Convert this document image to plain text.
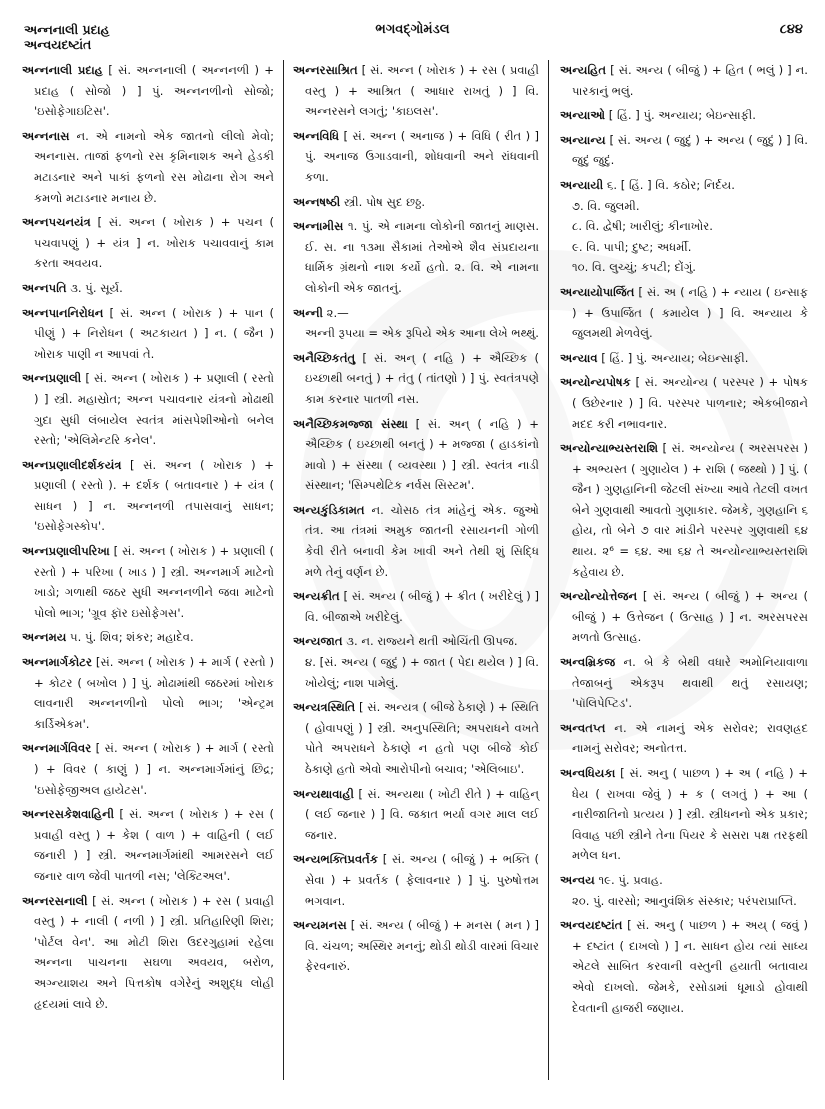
અન્નનાલી પ્રદાહ
અન્વયદષ્ટાંત
ભગવદ્ગોમંડલ	૮૪૪

અન્નનાલી પ્રદાહ [ સં. અન્નનાલી ( અન્નનળી ) + પ્રદાહ ( સોજો ) ] પું. અન્નનળીનો સોજો; 'ઇસોફેગાઇટિસ'.

અન્નનાસ ન. એ નામનો એક જાતનો લીલો મેવો; અનનાસ. તાજાં ફળનો રસ કૃમિનાશક અને હેડકી મટાડનાર અને પાકાં ફળનો રસ મોઢાના રોગ અને કમળો મટાડનાર મનાય છે.

અન્નપચનયંત્ર [ સં. અન્ન ( ખોરાક ) + પચન ( પચવાપણું ) + યંત્ર ] ન. ખોરાક પચાવવાનું કામ કરતા અવયવ.

અન્નપતિ ૩. પું. સૂર્ય.

અન્નપાનનિરોધન [ સં. અન્ન ( ખોરાક ) + પાન ( પીણું ) + નિરોધન ( અટકાયત ) ] ન. ( જૈન ) ખોરાક પાણી ન આપવાં તે.

અન્નપ્રણાલી [ સં. અન્ન ( ખોરાક ) + પ્રણાલી ( રસ્તો ) ] સ્ત્રી. મહાસ્રોત; અન્ન પચાવનાર યંત્રનો મોઢાથી ગુદા સુધી લંબાયેલ સ્વતંત્ર માંસપેશીઓનો બનેલ રસ્તો; 'એલિમેન્ટરિ કનેલ'.

અન્નપ્રણાલીદર્શકયંત્ર [ સં. અન્ન ( ખોરાક ) + પ્રણાલી ( રસ્તો ). + દર્શક ( બતાવનાર ) + યંત્ર ( સાધન ) ] ન. અન્નનળી તપાસવાનું સાધન; 'ઇસોફેગસ્કોપ'.

અન્નપ્રણાલીપરિખા [ સં. અન્ન ( ખોરાક ) + પ્રણાલી ( રસ્તો ) + પરિખા ( ખાડ ) ] સ્ત્રી. અન્નમાર્ગ માટેનો ખાડો; ગળાથી જઠર સુધી અન્નનળીને જવા માટેનો પોલો ભાગ; 'ગ્રૂવ ફૉર ઇસોફેગસ'.

અન્નમય ૫. પું. શિવ; શંકર; મહાદેવ.

અન્નમાર્ગકોટર [સં. અન્ન ( ખોરાક ) + માર્ગ ( રસ્તો ) + કોટર ( બખોલ ) ] પું. મોઢામાંથી જઠરમાં ખોરાક લાવનારી અન્નનળીનો પોલો ભાગ; 'એન્ટ્રમ કાર્ડિએકમ'.

અન્નમાર્ગવિવર [ સં. અન્ન ( ખોરાક ) + માર્ગ ( રસ્તો ) + વિવર ( કાણું ) ] ન. અન્નમાર્ગમાંનું છિદ્ર; 'ઇસોફેજીઅલ હાયેટસ'.

અન્નરસકેશવાહિની [ સં. અન્ન ( ખોરાક ) + રસ ( પ્રવાહી વસ્તુ ) + કેશ ( વાળ ) + વાહિની ( લઈ જનારી ) ] સ્ત્રી. અન્નમાર્ગમાંથી આમરસને લઈ જનાર વાળ જેવી પાતળી નસ; 'લેક્ટિઅલ'.

અન્નરસનાલી [ સં. અન્ન ( ખોરાક ) + રસ ( પ્રવાહી વસ્તુ ) + નાલી ( નળી ) ] સ્ત્રી. પ્રતિહારિણી શિરા; 'પોર્ટલ વેન'. આ મોટી શિરા ઉદરગુહામાં રહેલા અન્નના પાચનના સઘળા અવયવ, બરોળ, અગ્ન્યાશય અને પિત્તકોષ વગેરેનું અશુદ્ધ લોહી હૃદયમાં લાવે છે.

અન્નરસાશ્રિત [ સં. અન્ન ( ખોરાક ) + રસ ( પ્રવાહી વસ્તુ ) + આશ્રિત ( આધાર રાખતું ) ] વિ. અન્નરસને લગતું; 'કાઇલસ'.

અન્નવિધિ [ સં. અન્ન ( અનાજ ) + વિધિ ( રીત ) ] પું. અનાજ ઉગાડવાની, શોધવાની અને રાંધવાની કળા.

અન્નષષ્ઠી સ્ત્રી. પોષ સુદ છઠ્ઠ.

અન્નામીસ ૧. પું. એ નામના લોકોની જાતનું માણસ. ઈ. સ. ના ૧૩મા સૈકામાં તેઓએ શૈવ સંપ્રદાયના ધાર્મિક ગ્રંથનો નાશ કર્યો હતો. ૨. વિ. એ નામના લોકોની એક જાતનું.

અન્ની ૨.—

અન્ની રૂપયા = એક રૂપિયે એક આના લેખે ભથ્થું.

અનૈચ્છિકતંતુ [ સં. અન્ ( નહિ ) + ઐચ્છિક ( ઇચ્છાથી બનતું ) + તંતુ ( તાંતણો ) ] પું. સ્વતંત્રપણે કામ કરનાર પાતળી નસ.

અનૈચ્છિકમજ્જા સંસ્થા [ સં. અન્ ( નહિ ) + ઐચ્છિક ( ઇચ્છાથી બનતું ) + મજ્જા ( હાડકાંનો માવો ) + સંસ્થા ( વ્યવસ્થા ) ] સ્ત્રી. સ્વતંત્ર નાડી સંસ્થાન; 'સિમ્પથેટિક નર્વસ સિસ્ટમ'.

અન્યકુંડિકામત ન. ચોસઠ તંત્ર માંહેનું એક. જુઓ તંત્ર. આ તંત્રમાં અમુક જાતની રસાયનની ગોળી કેવી રીતે બનાવી કેમ ખાવી અને તેથી શું સિદ્ધિ મળે તેનું વર્ણન છે.

અન્યક્રીત [ સં. અન્ય ( બીજું ) + ક્રીત ( ખરીદેલું ) ] વિ. બીજાએ ખરીદેલું.

અન્યજાત ૩. ન. રાજ્યને થતી ઓચિંતી ઊપજ.

૪. [સં. અન્ય ( જુદું ) + જાત ( પેદા થયેલ ) ] વિ. ખોયેલું; નાશ પામેલું.

અન્યત્રસ્થિતિ [ સં. અન્યત્ર ( બીજે ઠેકાણે ) + સ્થિતિ ( હોવાપણું ) ] સ્ત્રી. અનુપસ્થિતિ; અપરાધને વખતે પોતે અપરાધને ઠેકાણે ન હતો પણ બીજે કોઈ ઠેકાણે હતો એવો આરોપીનો બચાવ; 'એલિબાઇ'.

અન્યથાવાહી [ સં. અન્યથા ( ખોટી રીતે ) + વાહિન્ ( લઈ જનાર ) ] વિ. જકાત ભર્યા વગર માલ લઈ જનાર.

અન્યભક્તિપ્રવર્તક [ સં. અન્ય ( બીજું ) + ભક્તિ ( સેવા ) + પ્રવર્તક ( ફેલાવનાર ) ] પું. પુરુષોત્તમ ભગવાન.

અન્યમનસ [ સં. અન્ય ( બીજું ) + મનસ ( મન ) ] વિ. ચંચળ; અસ્થિર મનનું; થોડી થોડી વારમાં વિચાર ફેરવનારું.

અન્યહિત [ સં. અન્ય ( બીજું ) + હિત ( ભલું ) ] ન. પારકાનું ભલું.

અન્યાઓ [ હિં. ] પું. અન્યાય; બેઇન્સાફી.

અન્યાન્ય [ સં. અન્ય ( જુદું ) + અન્ય ( જુદું ) ] વિ. જુદું જુદું.

અન્યાયી ૬. [ હિં. ] વિ. કઠોર; નિર્દય.

૭. વિ. જુલમી.

૮. વિ. દ્વેષી; ખારીલું; કીનાખોર.

૯. વિ. પાપી; દુષ્ટ; અધર્મી.

૧૦. વિ. લુચ્ચું; કપટી; દોંગું.

અન્યાયોપાર્જિત [ સં. અ ( નહિ ) + ન્યાય ( ઇન્સાફ ) + ઉપાર્જિત ( કમાયેલ ) ] વિ. અન્યાય કે જુલમથી મેળવેલું.

અન્યાવ [ હિં. ] પું. અન્યાય; બેઇન્સાફી.

અન્યોન્યપોષક [ સં. અન્યોન્ય ( પરસ્પર ) + પોષક ( ઉછેરનાર ) ] વિ. પરસ્પર પાળનાર; એકબીજાને મદદ કરી નભાવનાર.

અન્યોન્યાભ્યસ્તરાશિ [ સં. અન્યોન્ય ( અરસપરસ ) + અભ્યસ્ત ( ગુણાયેલ ) + રાશિ ( જથ્થો ) ] પું. ( જૈન ) ગુણહાનિની જેટલી સંખ્યા આવે તેટલી વખત બેને ગુણવાથી આવતો ગુણાકાર. જેમકે, ગુણહાનિ ૬ હોય, તો બેને ૭ વાર માંડીને પરસ્પર ગુણવાથી ૬૪ થાય. ૨⁶ = ૬૪. આ ૬૪ તે અન્યોન્યાભ્યસ્તરાશિ કહેવાય છે.

અન્યોન્યોત્તેજન [ સં. અન્ય ( બીજું ) + અન્ય ( બીજું ) + ઉત્તેજન ( ઉત્સાહ ) ] ન. અરસપરસ મળતો ઉત્સાહ.

અન્વમ્રિકજ ન. બે કે બેથી વધારે અમોનિયાવાળા તેજાબનું એકરૂપ થવાથી થતું રસાયણ; 'પૉલિપેપ્ટિડ'.

અન્વતપ્ત ન. એ નામનું એક સરોવર; રાવણહ્રદ નામનું સરોવર; અનોતત્ત.

અન્વધિયકા [ સં. અનુ ( પાછળ ) + અ ( નહિ ) + ધેય ( રાખવા જેવું ) + ક ( લગતું ) + આ ( નારીજાતિનો પ્રત્યય ) ] સ્ત્રી. સ્ત્રીધનનો એક પ્રકાર; વિવાહ પછી સ્ત્રીને તેના પિયર કે સસરા પક્ષ તરફથી મળેલ ધન.

અન્વય ૧૯. પું. પ્રવાહ.

૨૦. પું. વારસો; આનુવંશિક સંસ્કાર; પરંપરાપ્રાપ્તિ.

અન્વયદષ્ટાંત [ સં. અનુ ( પાછળ ) + અય્ ( જવું ) + દષ્ટાંત ( દાખલો ) ] ન. સાધન હોય ત્યાં સાધ્ય એટલે સાબિત કરવાની વસ્તુની હયાતી બતાવાય એવો દાખલો. જેમકે, રસોડામાં ધૂમાડો હોવાથી દેવતાની હાજરી જણાય.
